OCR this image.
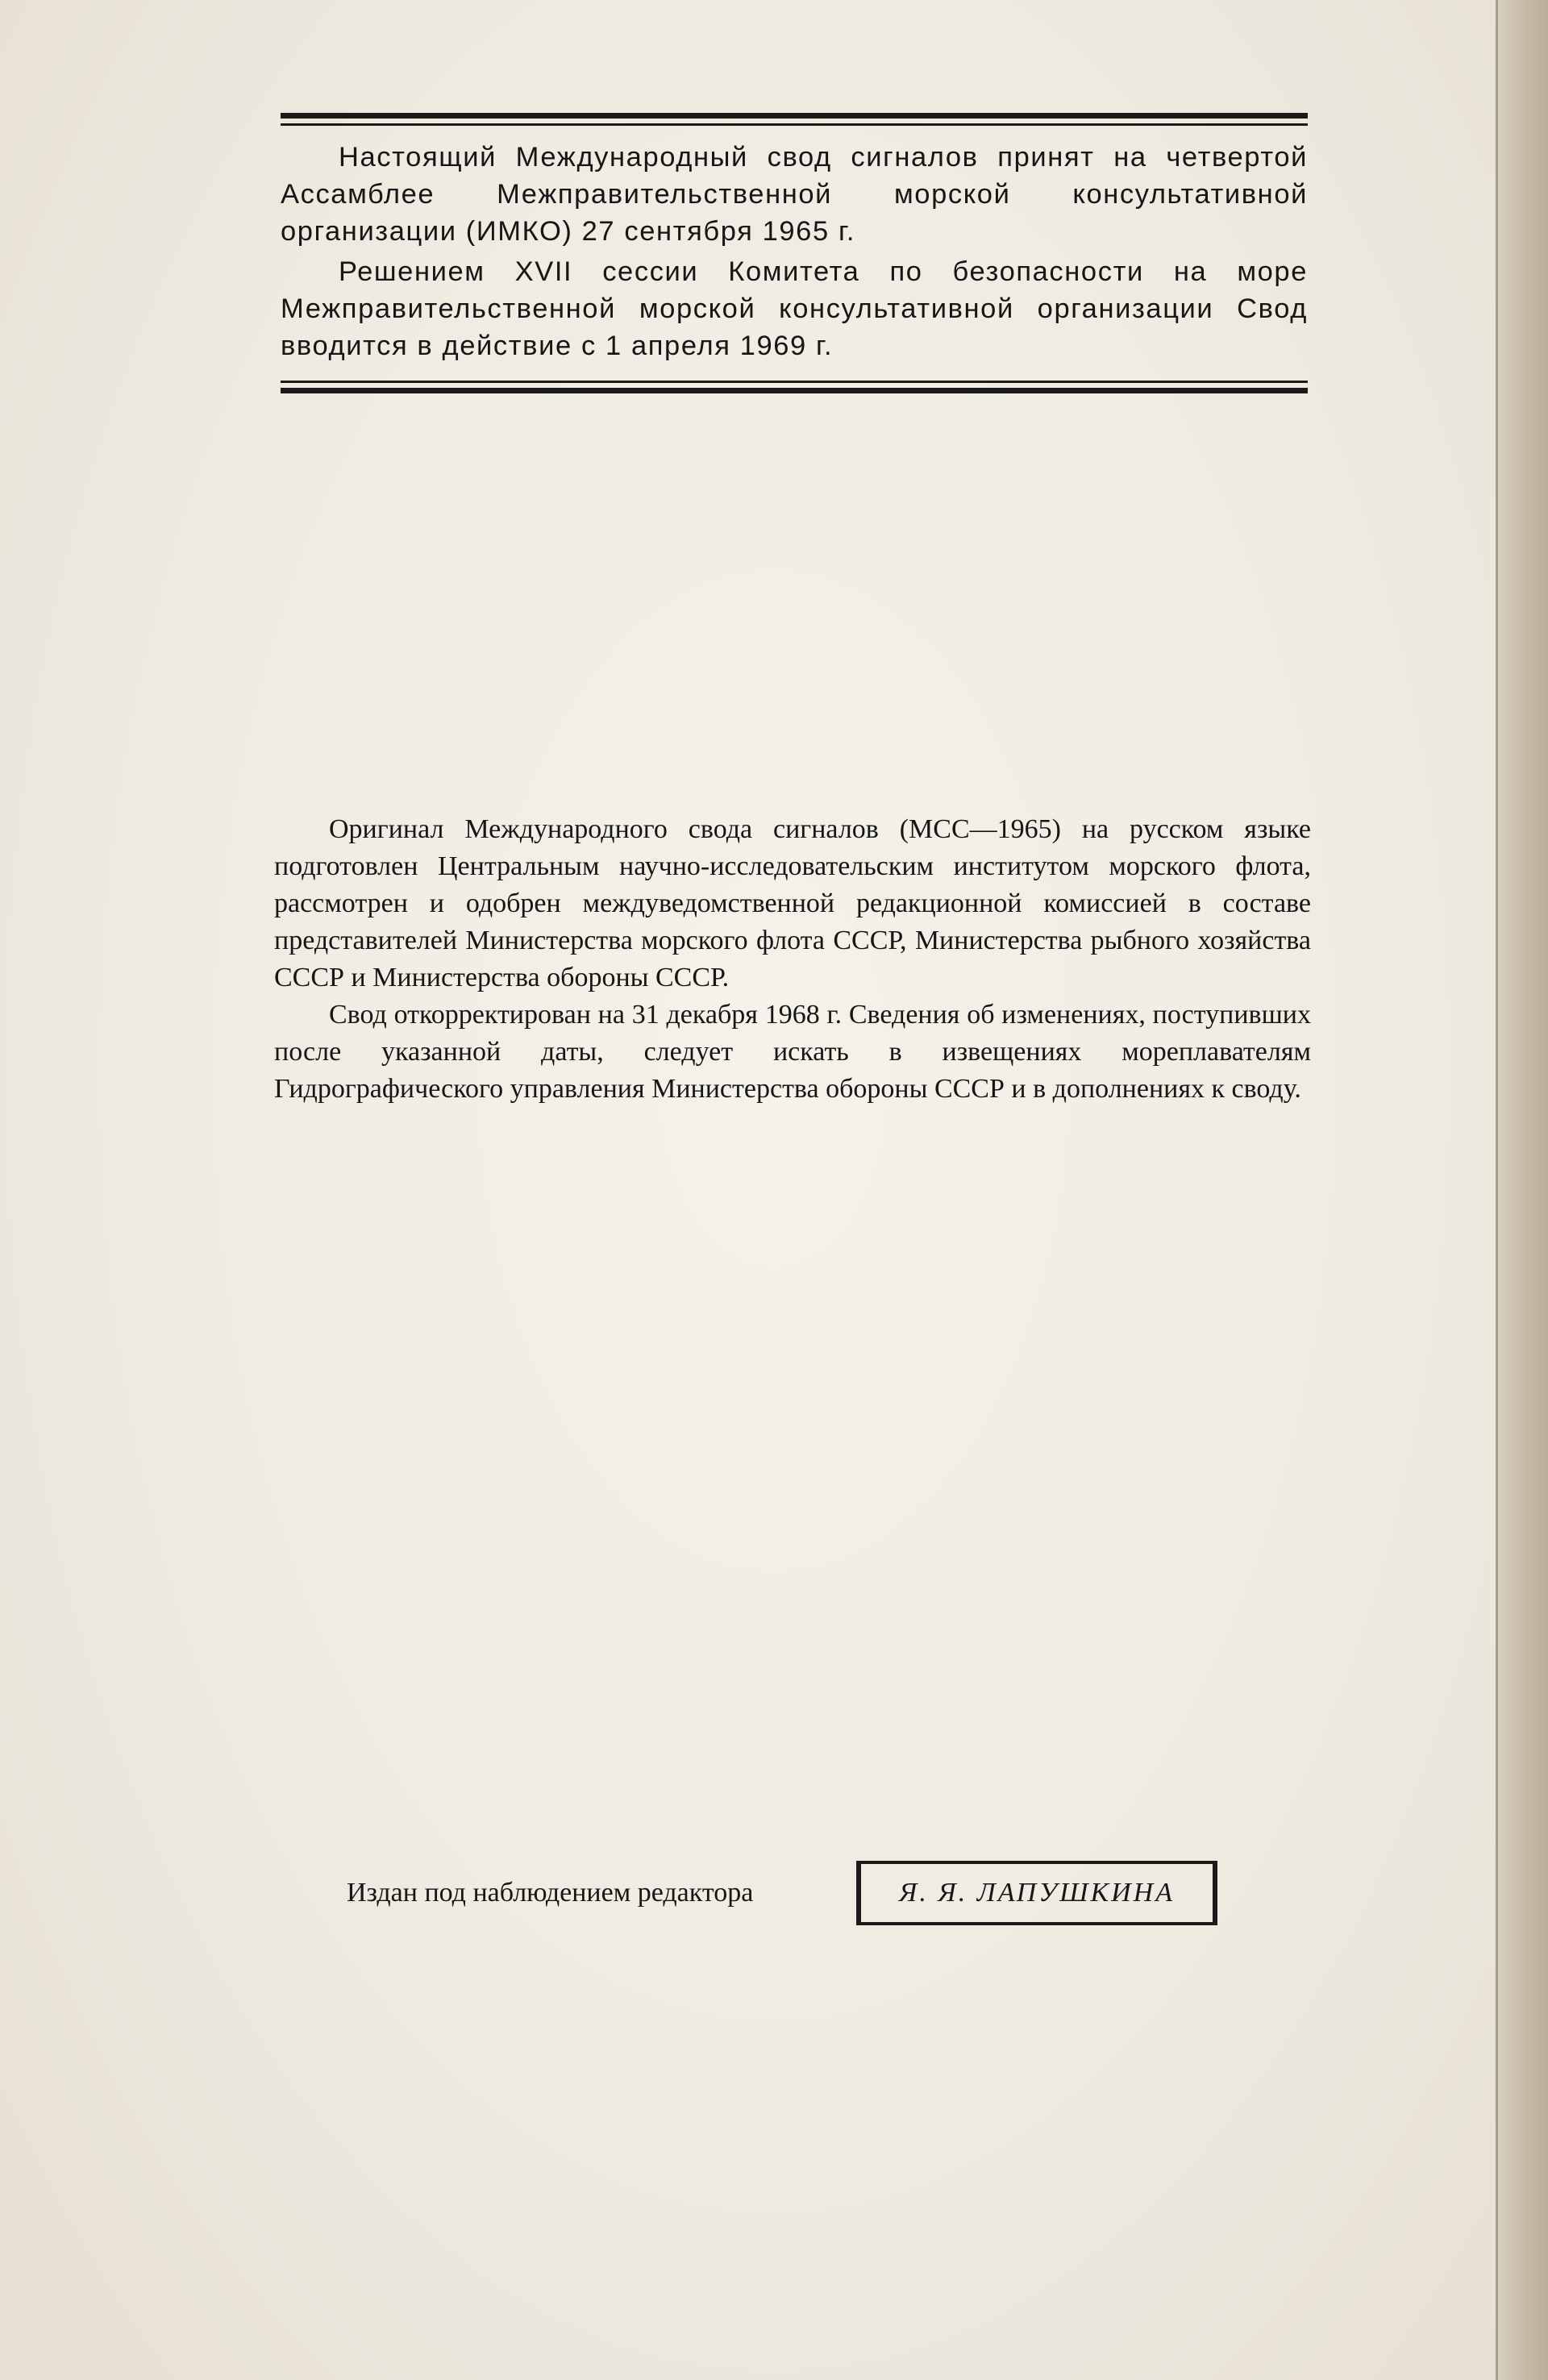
Настоящий Международный свод сигналов принят на четвертой Ассамблее Межправительственной морской консультативной организации (ИМКО) 27 сентября 1965 г.

Решением XVII сессии Комитета по безопасности на море Межправительственной морской консультативной организации Свод вводится в действие с 1 апреля 1969 г.

Оригинал Международного свода сигналов (МСС—1965) на русском языке подготовлен Центральным научно-исследовательским институтом морского флота, рассмотрен и одобрен междуведомственной редакционной комиссией в составе представителей Министерства морского флота СССР, Министерства рыбного хозяйства СССР и Министерства обороны СССР.

Свод откорректирован на 31 декабря 1968 г. Сведения об изменениях, поступивших после указанной даты, следует искать в извещениях мореплавателям Гидрографического управления Министерства обороны СССР и в дополнениях к своду.

Издан под наблюдением редактора	Я. Я. ЛАПУШКИНА
